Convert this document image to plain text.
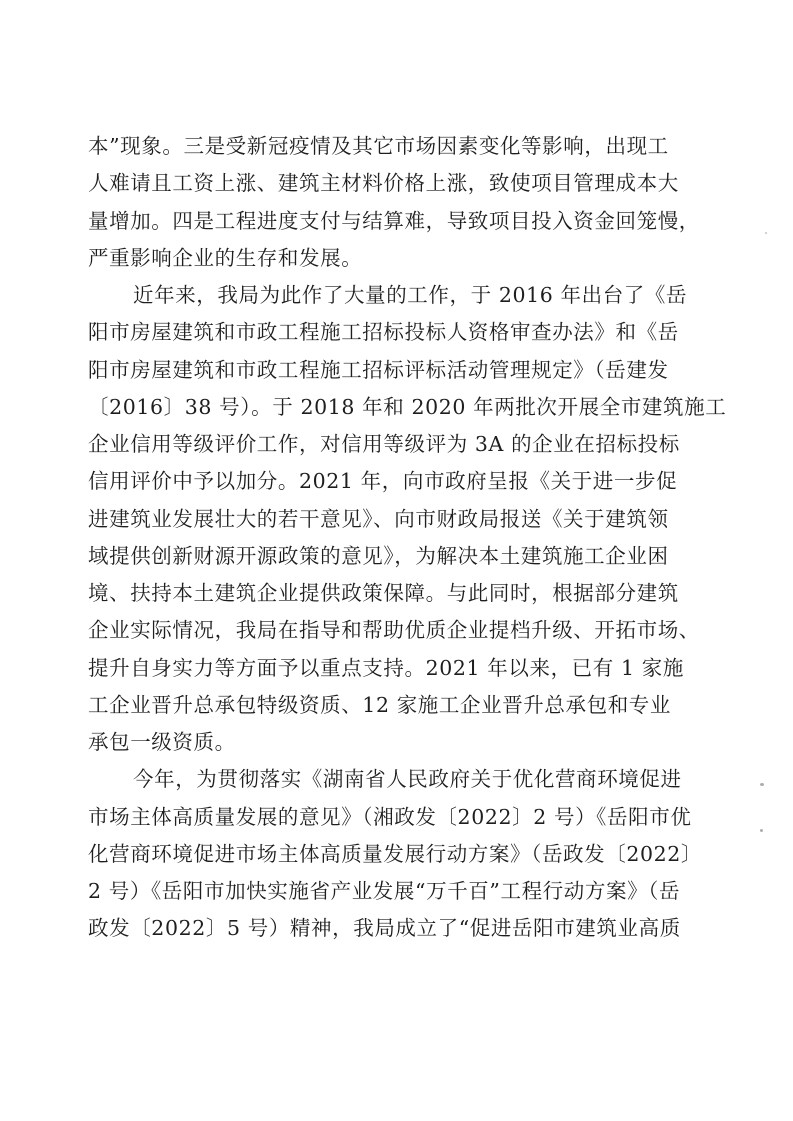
本”现象。三是受新冠疫情及其它市场因素变化等影响，出现工
人难请且工资上涨、建筑主材料价格上涨，致使项目管理成本大
量增加。四是工程进度支付与结算难，导致项目投入资金回笼慢，
严重影响企业的生存和发展。
近年来，我局为此作了大量的工作，于 2016 年出台了《岳
阳市房屋建筑和市政工程施工招标投标人资格审查办法》和《岳
阳市房屋建筑和市政工程施工招标评标活动管理规定》（岳建发
〔2016〕38 号）。于 2018 年和 2020 年两批次开展全市建筑施工
企业信用等级评价工作，对信用等级评为 3A 的企业在招标投标
信用评价中予以加分。2021 年，向市政府呈报《关于进一步促
进建筑业发展壮大的若干意见》、向市财政局报送《关于建筑领
域提供创新财源开源政策的意见》，为解决本土建筑施工企业困
境、扶持本土建筑企业提供政策保障。与此同时，根据部分建筑
企业实际情况，我局在指导和帮助优质企业提档升级、开拓市场、
提升自身实力等方面予以重点支持。2021 年以来，已有 1 家施
工企业晋升总承包特级资质、12 家施工企业晋升总承包和专业
承包一级资质。
今年，为贯彻落实《湖南省人民政府关于优化营商环境促进
市场主体高质量发展的意见》（湘政发〔2022〕2 号）《岳阳市优
化营商环境促进市场主体高质量发展行动方案》（岳政发〔2022〕
2 号）《岳阳市加快实施省产业发展“万千百”工程行动方案》（岳
政发〔2022〕5 号）精神，我局成立了“促进岳阳市建筑业高质
